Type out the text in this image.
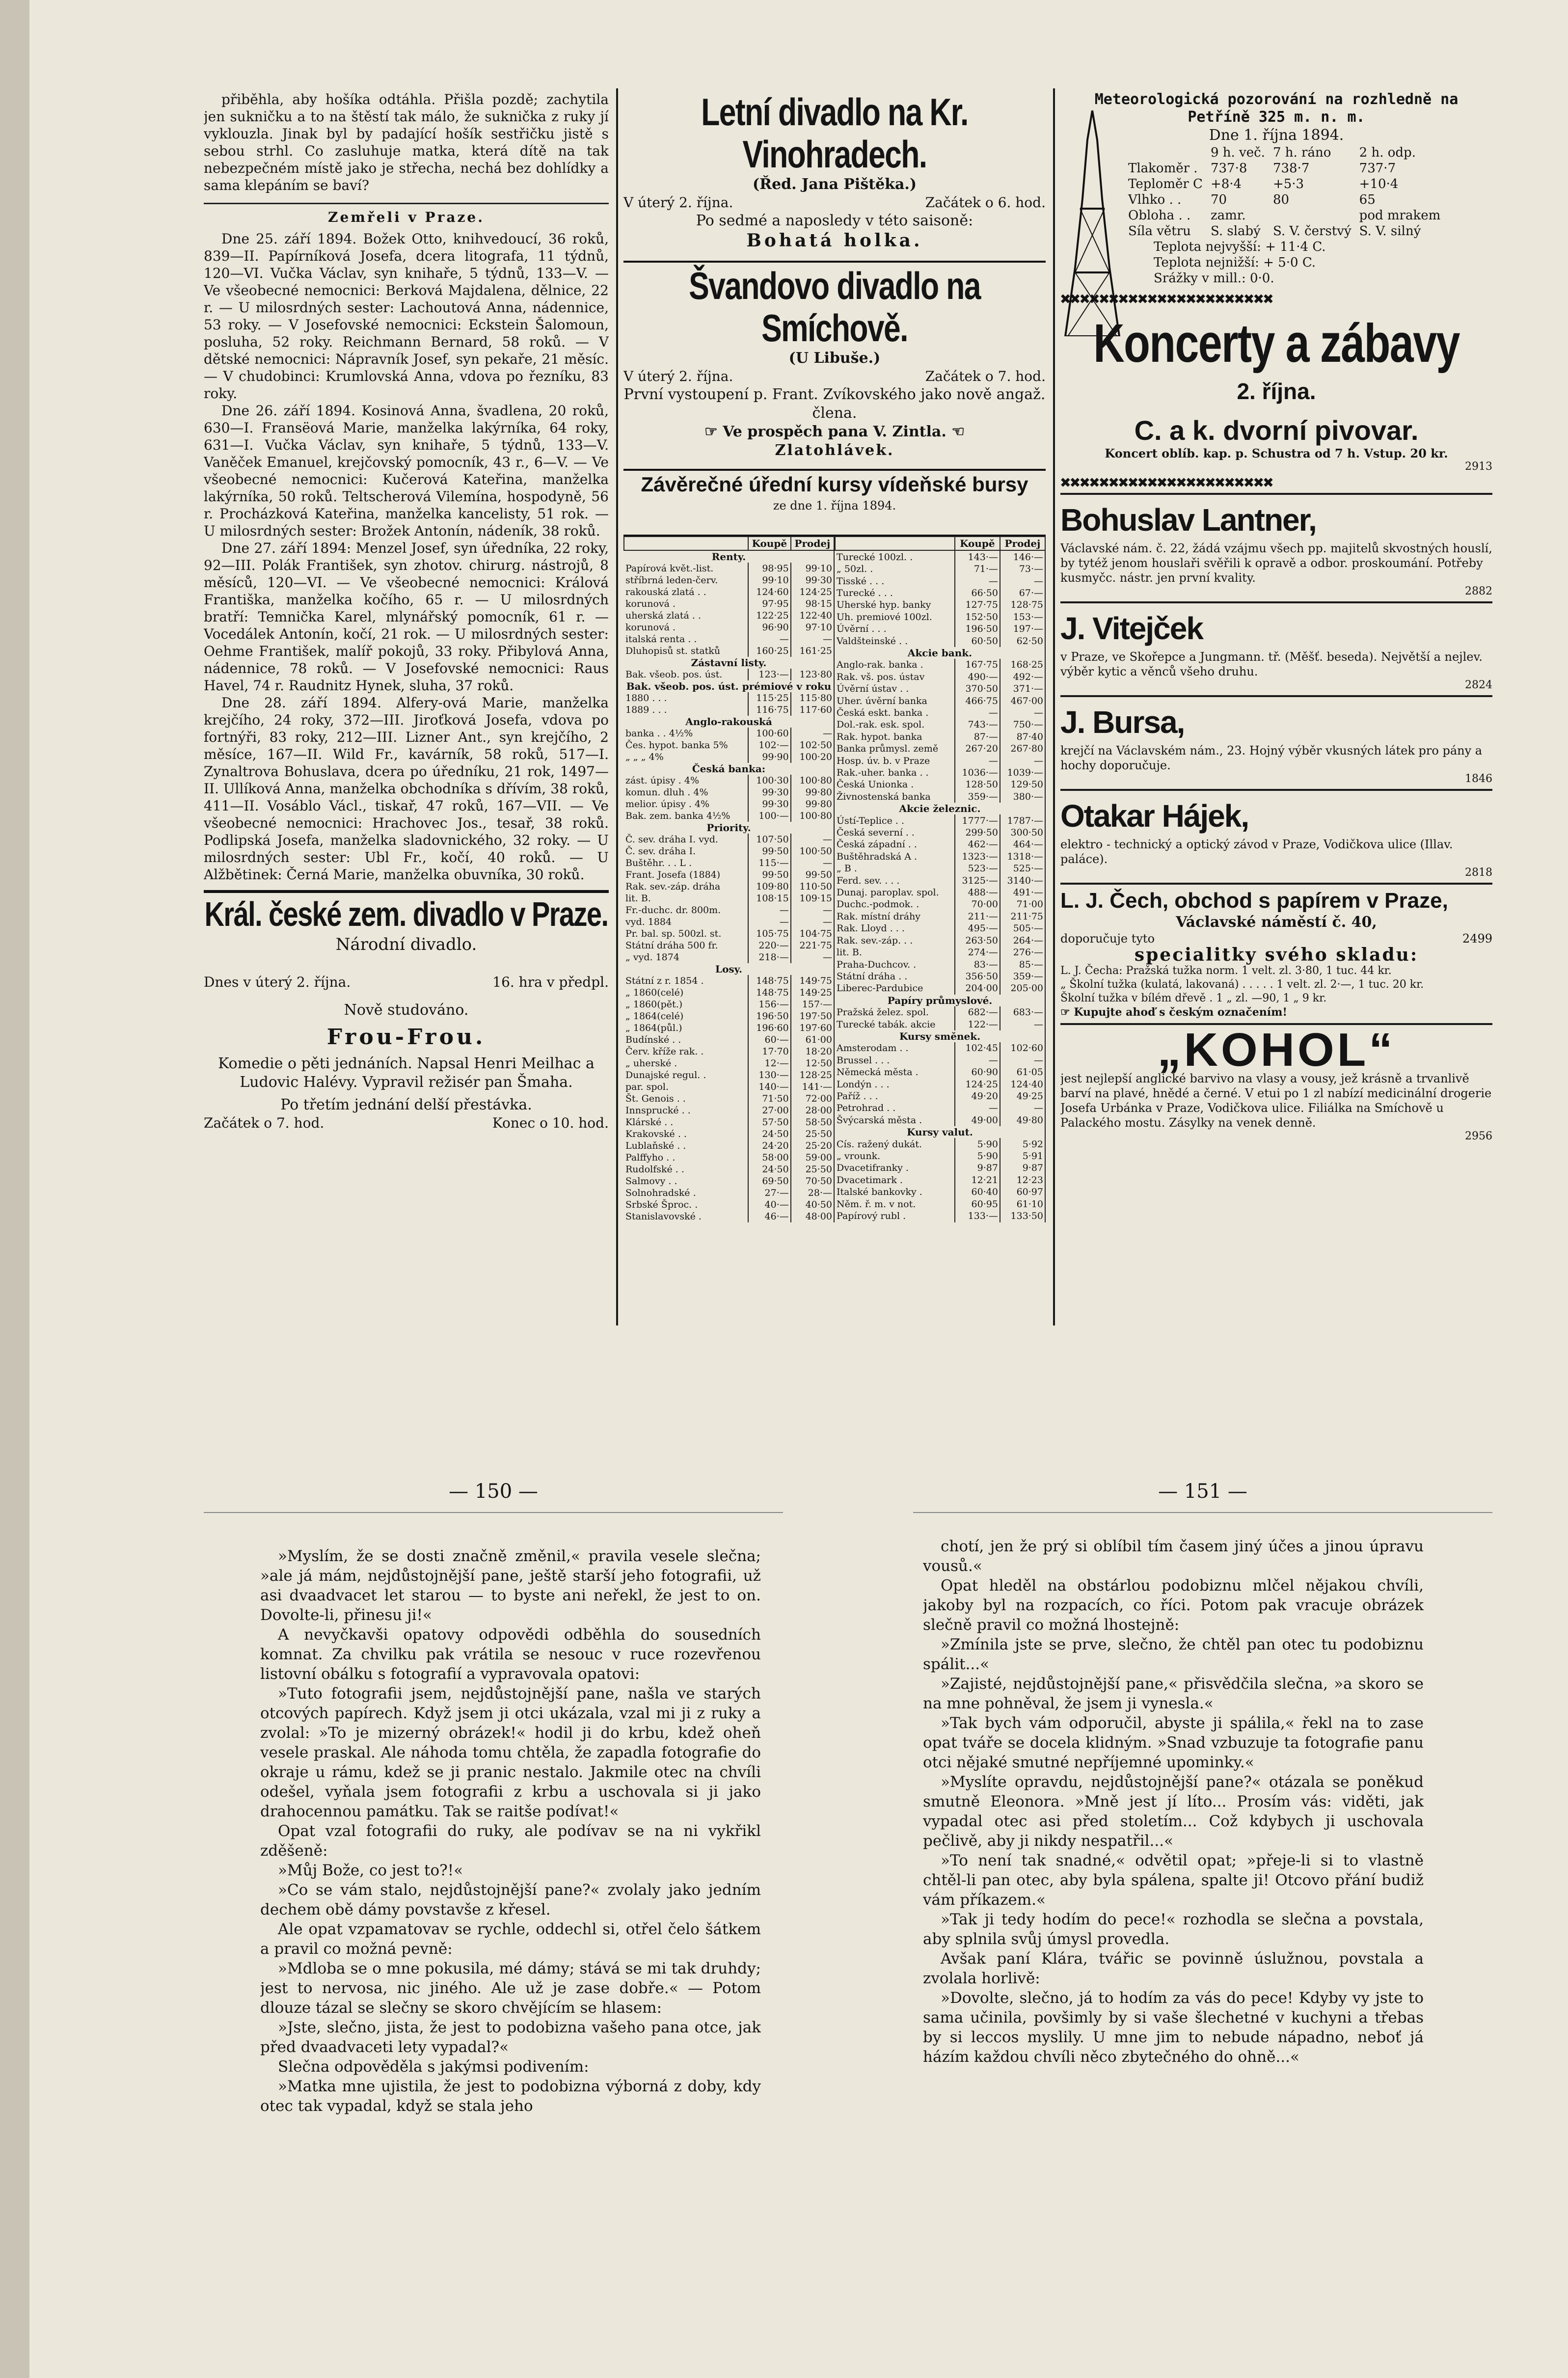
přiběhla, aby hošíka odtáhla. Přišla pozdě; zachytila jen sukničku a to na štěstí tak málo, že suknička z ruky jí vyklouzla. Jinak byl by padající hošík sestřičku jistě s sebou strhl. Co zasluhuje matka, která dítě na tak nebezpečném místě jako je střecha, nechá bez dohlídky a sama klepáním se baví?

Zemřeli v Praze.

Dne 25. září 1894. Božek Otto, knihvedoucí, 36 roků, 839—II. Papírníková Josefa, dcera litografa, 11 týdnů, 120—VI. Vučka Václav, syn knihaře, 5 týdnů, 133—V. — Ve všeobecné nemocnici: Berková Majdalena, dělnice, 22 r. — U milosrdných sester: Lachoutová Anna, nádennice, 53 roky. — V Josefovské nemocnici: Eckstein Šalomoun, posluha, 52 roky. Reichmann Bernard, 58 roků. — V dětské nemocnici: Nápravník Josef, syn pekaře, 21 měsíc. — V chudobinci: Krumlovská Anna, vdova po řezníku, 83 roky.

Dne 26. září 1894. Kosinová Anna, švadlena, 20 roků, 630—I. Fransëová Marie, manželka lakýrníka, 64 roky, 631—I. Vučka Václav, syn knihaře, 5 týdnů, 133—V. Vaněček Emanuel, krejčovský pomocník, 43 r., 6—V. — Ve všeobecné nemocnici: Kučerová Kateřina, manželka lakýrníka, 50 roků. Teltscherová Vilemína, hospodyně, 56 r. Procházková Kateřina, manželka kancelisty, 51 rok. — U milosrdných sester: Brožek Antonín, nádeník, 38 roků.

Dne 27. září 1894: Menzel Josef, syn úředníka, 22 roky, 92—III. Polák František, syn zhotov. chirurg. nástrojů, 8 měsíců, 120—VI. — Ve všeobecné nemocnici: Králová Františka, manželka kočího, 65 r. — U milosrdných bratří: Temnička Karel, mlynářský pomocník, 61 r. — Vocedálek Antonín, kočí, 21 rok. — U milosrdných sester: Oehme František, malíř pokojů, 33 roky. Přibylová Anna, nádennice, 78 roků. — V Josefovské nemocnici: Raus Havel, 74 r. Raudnitz Hynek, sluha, 37 roků.

Dne 28. září 1894. Alfery-ová Marie, manželka krejčího, 24 roky, 372—III. Jiroťková Josefa, vdova po fortnýři, 83 roky, 212—III. Lizner Ant., syn krejčího, 2 měsíce, 167—II. Wild Fr., kavárník, 58 roků, 517—I. Zynaltrova Bohuslava, dcera po úředníku, 21 rok, 1497—II. Ullíková Anna, manželka obchodníka s dřívím, 38 roků, 411—II. Vosáblo Václ., tiskař, 47 roků, 167—VII. — Ve všeobecné nemocnici: Hrachovec Jos., tesař, 38 roků. Podlipská Josefa, manželka sladovnického, 32 roky. — U milosrdných sester: Ubl Fr., kočí, 40 roků. — U Alžbětinek: Černá Marie, manželka obuvníka, 30 roků.

Král. české zem. divadlo v Praze.
Národní divadlo.
Dnes v úterý 2. října.	16. hra v předpl.
Nově studováno.
Frou-Frou.
Komedie o pěti jednáních. Napsal Henri Meilhac a Ludovic Halévy. Vypravil režisér pan Šmaha.
Po třetím jednání delší přestávka.
Začátek o 7. hod.	Konec o 10. hod.
Letní divadlo na Kr. Vinohradech.
(Řed. Jana Pištěka.)
V úterý 2. října.	Začátek o 6. hod.
Po sedmé a naposledy v této saisoně:
Bohatá holka.
Švandovo divadlo na Smíchově.
(U Libuše.)
V úterý 2. října.	Začátek o 7. hod.
První vystoupení p. Frant. Zvíkovského jako nově angaž. člena.
☞ Ve prospěch pana V. Zintla. ☜
Zlatohlávek.
Závěrečné úřední kursy vídeňské bursy
ze dne 1. října 1894.
	Koupě	Prodej
Renty.		
Papírová květ.-list.	98·95	99·10
stříbrná leden-červ.	99·10	99·30
rakouská zlatá . .	124·60	124·25
korunová .	97·95	98·15
uherská zlatá . .	122·25	122·40
korunová .	96·90	97·10
italská renta . .	—	—
Dluhopisů st. statků	160·25	161·25
Zástavní listy.		
Bak. všeob. pos. úst.	123·—	123·80
Bak. všeob. pos. úst. prémiové v roku		
1880 . . .	115·25	115·80
1889 . . .	116·75	117·60
Anglo-rakouská		
banka . . 4½%	100·60	—
Čes. hypot. banka 5%	102·—	102·50
„ „ „ 4%	99·90	100·20
Česká banka:		
zást. úpisy . 4%	100·30	100·80
komun. dluh . 4%	99·30	99·80
melior. úpisy . 4%	99·30	99·80
Bak. zem. banka 4½%	100·—	100·80
Priority.		
Č. sev. dráha I. vyd.	107·50	—
Č. sev. dráha I.	99·50	100·50
Buštěhr. . . L .	115·—	—
Frant. Josefa (1884)	99·50	99·50
Rak. sev.-záp. dráha	109·80	110·50
lit. B.	108·15	109·15
Fr.-duchc. dr. 800m.	—	—
vyd. 1884	—	—
Pr. bal. sp. 500zl. st.	105·75	104·75
Státní dráha 500 fr.	220·—	221·75
„ vyd. 1874	218·—	—
Losy.		
Státní z r. 1854 .	148·75	149·75
„ 1860(celé)	148·75	149·25
„ 1860(pět.)	156·—	157·—
„ 1864(celé)	196·50	197·50
„ 1864(půl.)	196·60	197·60
Budínské . .	60·—	61·00
Červ. kříže rak. .	17·70	18·20
„ uherské .	12·—	12·50
Dunajské regul. .	130·—	128·25
par. spol.	140·—	141·—
Št. Genois . .	71·50	72·00
Innsprucké . .	27·00	28·00
Klárské . .	57·50	58·50
Krakovské . .	24·50	25·50
Lublaňské . .	24·20	25·20
Palffyho . .	58·00	59·00
Rudolfské . .	24·50	25·50
Salmovy . .	69·50	70·50
Solnohradské .	27·—	28·—
Srbské Šproc. .	40·—	40·50
Stanislavovské .	46·—	48·00
	Koupě	Prodej
Turecké 100zl. .	143·—	146·—
„ 50zl. .	71·—	73·—
Tisské . . .	—	—
Turecké . . .	66·50	67·—
Uherské hyp. banky	127·75	128·75
Uh. premiové 100zl.	152·50	153·—
Úvěrní . . .	196·50	197·—
Valdšteinské . .	60·50	62·50
Akcie bank.		
Anglo-rak. banka .	167·75	168·25
Rak. vš. pos. ústav	490·—	492·—
Úvěrní ústav . .	370·50	371·—
Uher. úvěrní banka	466·75	467·00
Česká eskt. banka .	—	—
Dol.-rak. esk. spol.	743·—	750·—
Rak. hypot. banka	87·—	87·40
Banka průmysl. země	267·20	267·80
Hosp. úv. b. v Praze	—	—
Rak.-uher. banka . .	1036·—	1039·—
Česká Unionka .	128·50	129·50
Živnostenská banka	359·—	380·—
Akcie železnic.		
Ústí-Teplice . .	1777·—	1787·—
Česká severní . .	299·50	300·50
Česká západní . .	462·—	464·—
Buštěhradská A .	1323·—	1318·—
„ B .	523·—	525·—
Ferd. sev. . . .	3125·—	3140·—
Dunaj. paroplav. spol.	488·—	491·—
Duchc.-podmok. .	70·00	71·00
Rak. místní dráhy	211·—	211·75
Rak. Lloyd . . .	495·—	505·—
Rak. sev.-záp. . .	263·50	264·—
lit. B.	274·—	276·—
Praha-Duchcov. .	83·—	85·—
Státní dráha . .	356·50	359·—
Liberec-Pardubice	204·00	205·00
Papíry průmyslové.		
Pražská želez. spol.	682·—	683·—
Turecké tabák. akcie	122·—	—
Kursy směnek.		
Amsterodam . .	102·45	102·60
Brussel . . .	—	—
Německá města .	60·90	61·05
Londýn . . .	124·25	124·40
Paříž . . .	49·20	49·25
Petrohrad . .	—	—
Švýcarská města .	49·00	49·80
Kursy valut.		
Cís. ražený dukát.	5·90	5·92
„ vrounk.	5·90	5·91
Dvacetifranky .	9·87	9·87
Dvacetimark .	12·21	12·23
Italské bankovky .	60·40	60·97
Něm. ř. m. v not.	60·95	61·10
Papírový rubl .	133·—	133·50
Meteorologická pozorování na rozhledně na Petříně 325 m. n. m.
Dne 1. října 1894.
	9 h. več.	7 h. ráno	2 h. odp.
Tlakoměr .	737·8	738·7	737·7
Teploměr C	+8·4	+5·3	+10·4
Vlhko . .	70	80	65
Obloha . .	zamr.		pod mrakem
Síla větru	S. slabý	S. V. čerstvý	S. V. silný
Teplota nejvyšší: + 11·4 C.
Teplota nejnižší: + 5·0 C.
Srážky v mill.: 0·0.
✖✖✖✖✖✖✖✖✖✖✖✖✖✖✖✖✖✖✖✖✖✖
Koncerty a zábavy
2. října.
C. a k. dvorní pivovar.
Koncert oblíb. kap. p. Schustra od 7 h. Vstup. 20 kr.
2913
✖✖✖✖✖✖✖✖✖✖✖✖✖✖✖✖✖✖✖✖✖✖
Bohuslav Lantner,
Václavské nám. č. 22, žádá vzájmu všech pp. majitelů skvostných houslí, by tytéž jenom houslaři svěřili k opravě a odbor. proskoumání. Potřeby kusmyčc. nástr. jen první kvality.
2882
J. Vitejček
v Praze, ve Skořepce a Jungmann. tř. (Měšť. beseda). Největší a nejlev. výběr kytic a věnců všeho druhu.
2824
J. Bursa,
krejčí na Václavském nám., 23. Hojný výběr vkusných látek pro pány a hochy doporučuje.
1846
Otakar Hájek,
elektro - technický a optický závod v Praze, Vodičkova ulice (Illav. paláce).
2818
L. J. Čech, obchod s papírem v Praze,
Václavské náměstí č. 40,
doporučuje tyto	2499
specialitky svého skladu:
L. J. Čecha: Pražská tužka norm. 1 velt. zl. 3·80, 1 tuc. 44 kr.
„ Školní tužka (kulatá, lakovaná) . . . . . 1 velt. zl. 2·—, 1 tuc. 20 kr.
Školní tužka v bílém dřevě . 1 „ zl. —90, 1 „ 9 kr.
☞ Kupujte ahoď s českým označením!
„KOHOL“
jest nejlepší anglické barvivo na vlasy a vousy, jež krásně a trvanlivě barví na plavé, hnědé a černé. V etui po 1 zl nabízí medicinální drogerie Josefa Urbánka v Praze, Vodičkova ulice. Filiálka na Smíchově u Palackého mostu. Zásylky na venek denně.
2956
— 150 —	— 151 —

»Myslím, že se dosti značně změnil,« pravila vesele slečna; »ale já mám, nejdůstojnější pane, ještě starší jeho fotografii, už asi dvaadvacet let starou — to byste ani neřekl, že jest to on. Dovolte-li, přinesu ji!«

A nevyčkavši opatovy odpovědi odběhla do sousedních komnat. Za chvilku pak vrátila se nesouc v ruce rozevřenou listovní obálku s fotografií a vypravovala opatovi:

»Tuto fotografii jsem, nejdůstojnější pane, našla ve starých otcových papírech. Když jsem ji otci ukázala, vzal mi ji z ruky a zvolal: »To je mizerný obrázek!« hodil ji do krbu, kdež oheň vesele praskal. Ale náhoda tomu chtěla, že zapadla fotografie do okraje u rámu, kdež se ji pranic nestalo. Jakmile otec na chvíli odešel, vyňala jsem fotografii z krbu a uschovala si ji jako drahocennou památku. Tak se raitše podívat!«

Opat vzal fotografii do ruky, ale podívav se na ni vykřikl zděšeně:

»Můj Bože, co jest to?!«

»Co se vám stalo, nejdůstojnější pane?« zvolaly jako jedním dechem obě dámy povstavše z křesel.

Ale opat vzpamatovav se rychle, oddechl si, otřel čelo šátkem a pravil co možná pevně:

»Mdloba se o mne pokusila, mé dámy; stává se mi tak druhdy; jest to nervosa, nic jiného. Ale už je zase dobře.« — Potom dlouze tázal se slečny se skoro chvějícím se hlasem:

»Jste, slečno, jista, že jest to podobizna vašeho pana otce, jak před dvaadvaceti lety vypadal?«

Slečna odpověděla s jakýmsi podivením:

»Matka mne ujistila, že jest to podobizna výborná z doby, kdy otec tak vypadal, když se stala jeho

chotí, jen že prý si oblíbil tím časem jiný účes a jinou úpravu vousů.«

Opat hleděl na obstárlou podobiznu mlčel nějakou chvíli, jakoby byl na rozpacích, co říci. Potom pak vracuje obrázek slečně pravil co možná lhostejně:

»Zmínila jste se prve, slečno, že chtěl pan otec tu podobiznu spálit...«

»Zajisté, nejdůstojnější pane,« přisvědčila slečna, »a skoro se na mne pohněval, že jsem ji vynesla.«

»Tak bych vám odporučil, abyste ji spálila,« řekl na to zase opat tváře se docela klidným. »Snad vzbuzuje ta fotografie panu otci nějaké smutné nepříjemné upominky.«

»Myslíte opravdu, nejdůstojnější pane?« otázala se poněkud smutně Eleonora. »Mně jest jí líto... Prosím vás: viděti, jak vypadal otec asi před stoletím... Což kdybych ji uschovala pečlivě, aby ji nikdy nespatřil...«

»To není tak snadné,« odvětil opat; »přeje-li si to vlastně chtěl-li pan otec, aby byla spálena, spalte ji! Otcovo přání budiž vám příkazem.«

»Tak ji tedy hodím do pece!« rozhodla se slečna a povstala, aby splnila svůj úmysl provedla.

Avšak paní Klára, tvářic se povinně úslužnou, povstala a zvolala horlivě:

»Dovolte, slečno, já to hodím za vás do pece! Kdyby vy jste to sama učinila, povšimly by si vaše šlechetné v kuchyni a třebas by si leccos myslily. U mne jim to nebude nápadno, neboť já házím každou chvíli něco zbytečného do ohně...«
